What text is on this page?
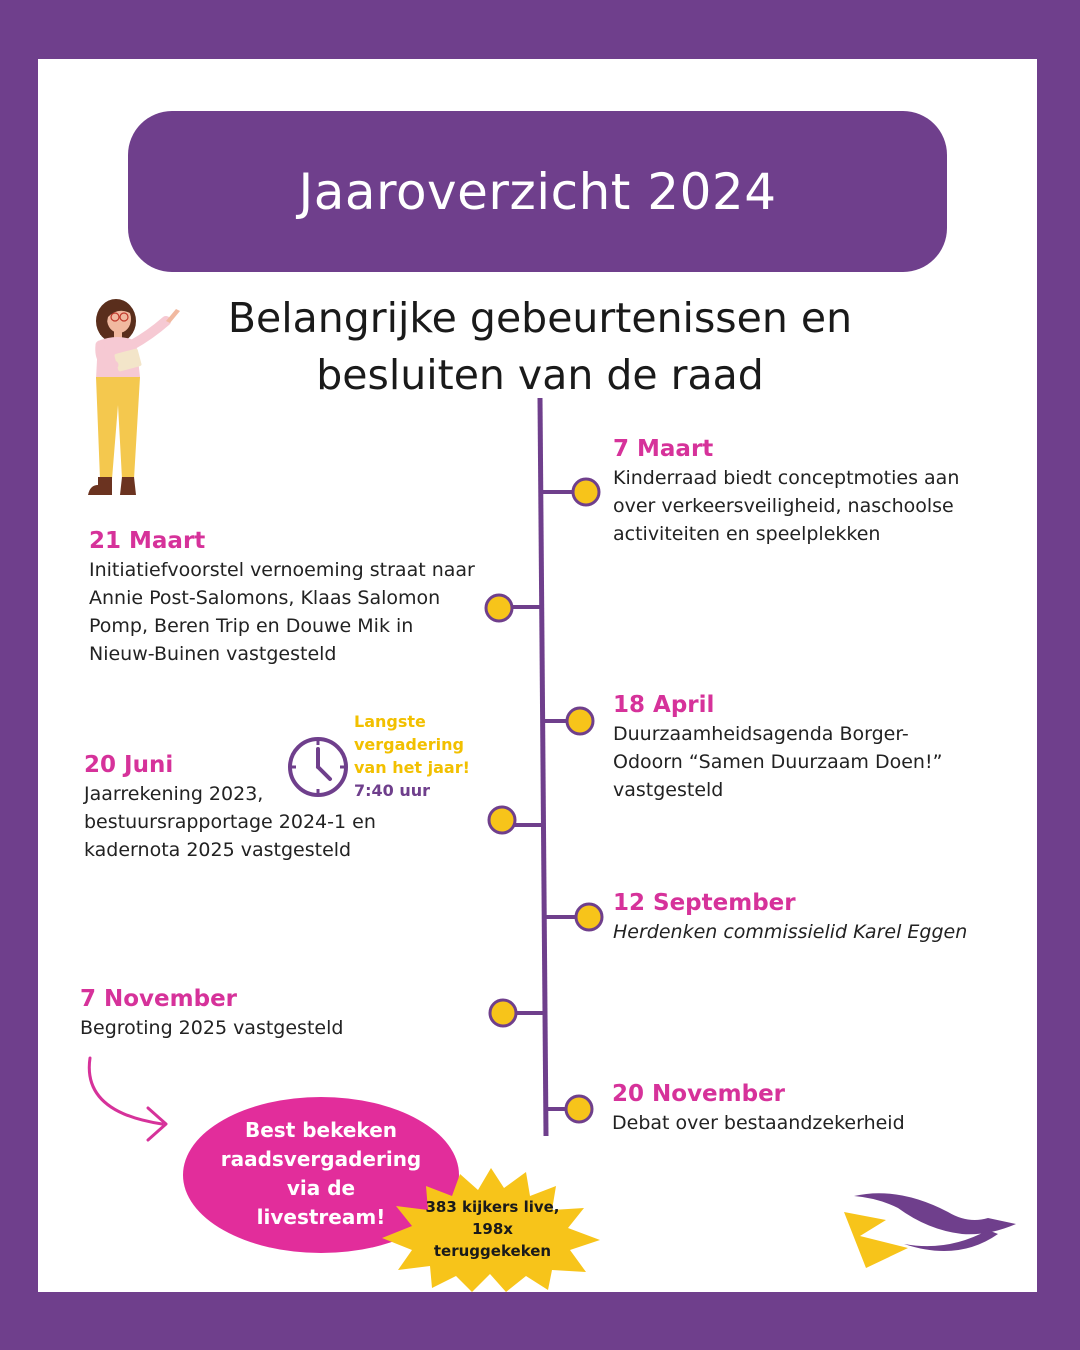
Jaaroverzicht 2024
Belangrijke gebeurtenissen en
besluiten van de raad
7 Maart
Kinderraad biedt conceptmoties aan over verkeersveiligheid, naschoolse activiteiten en speelplekken
18 April
Duurzaamheidsagenda Borger-Odoorn “Samen Duurzaam Doen!” vastgesteld
12 September
Herdenken commissielid Karel Eggen
20 November
Debat over bestaandzekerheid
21 Maart
Initiatiefvoorstel vernoeming straat naar Annie Post-Salomons, Klaas Salomon Pomp, Beren Trip en Douwe Mik in Nieuw-Buinen vastgesteld
20 Juni
Jaarrekening 2023, bestuursrapportage 2024-1 en kadernota 2025 vastgesteld
7 November
Begroting 2025 vastgesteld
Langste
vergadering
van het jaar!
7:40 uur
Best bekeken
raadsvergadering
via de
livestream!	383 kijkers live,
198x
teruggekeken
